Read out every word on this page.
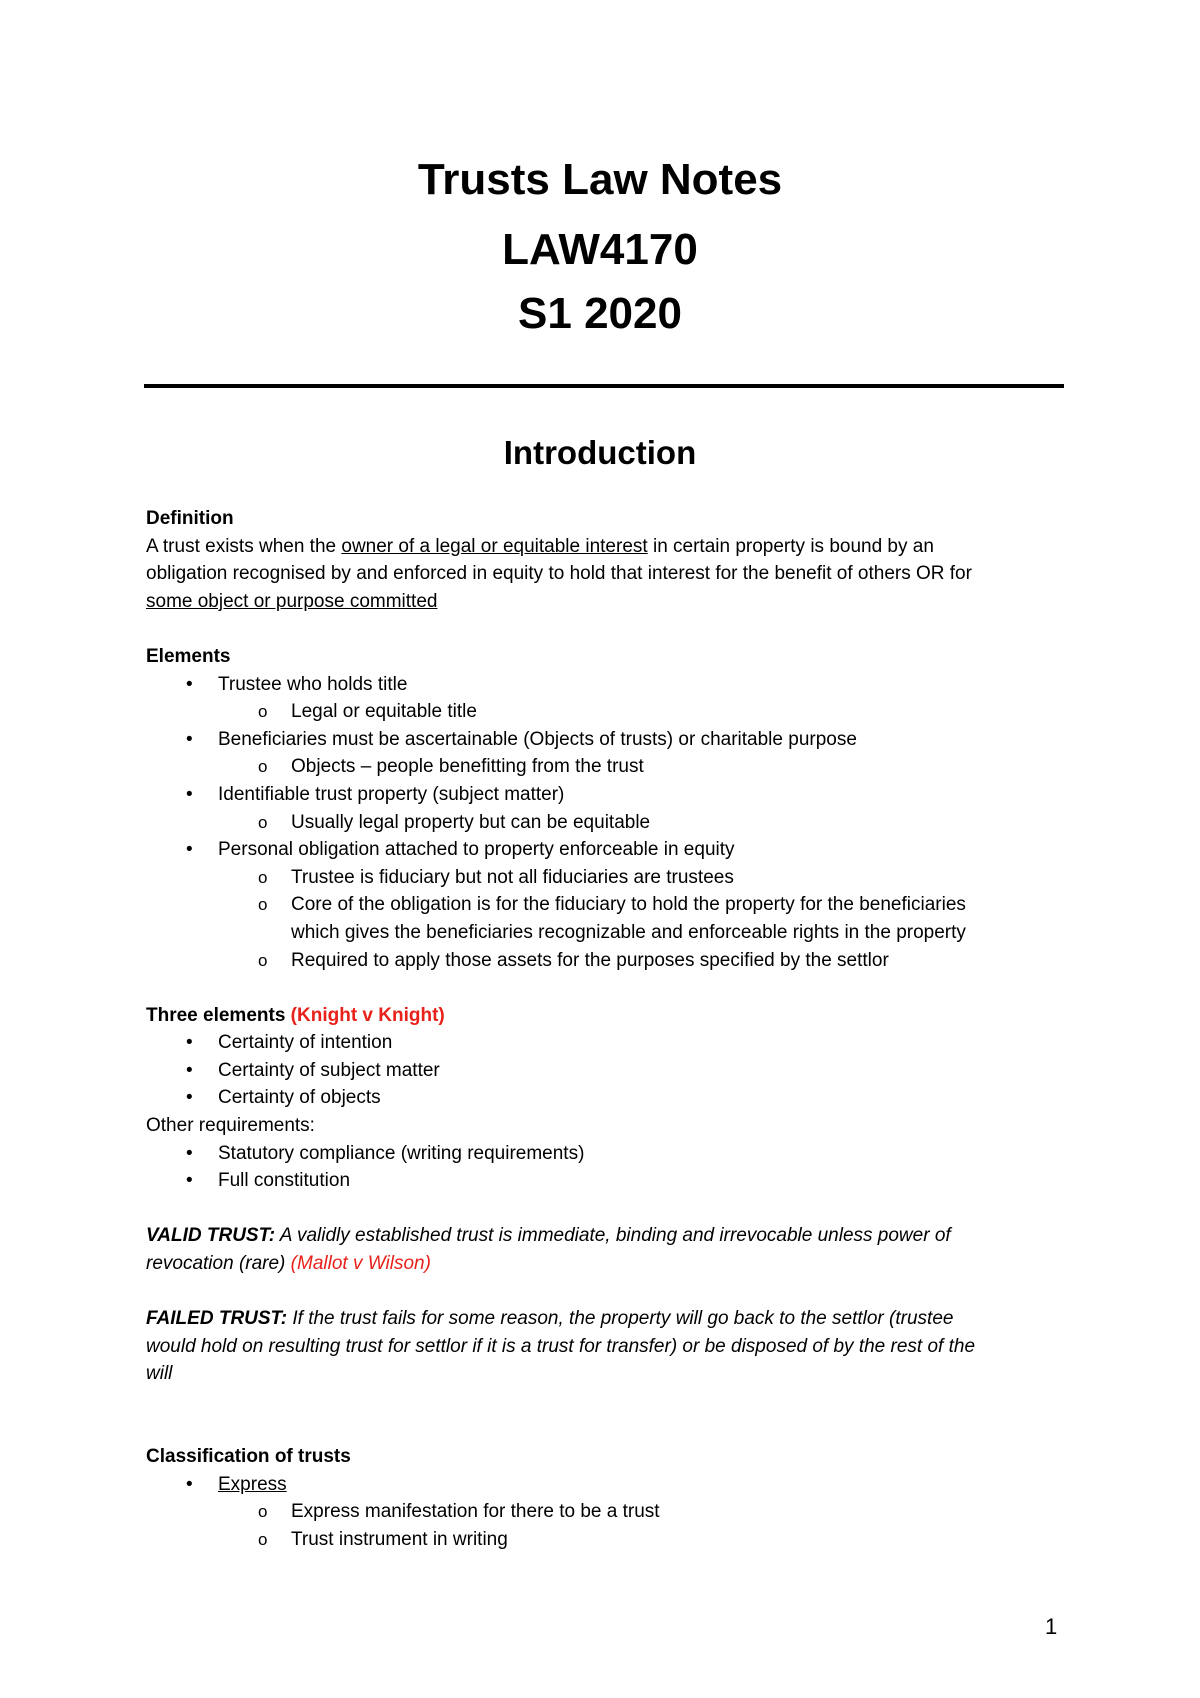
Trusts Law Notes
LAW4170
S1 2020
Introduction
Definition
A trust exists when the owner of a legal or equitable interest in certain property is bound by an
obligation recognised by and enforced in equity to hold that interest for the benefit of others OR for
some object or purpose committed
Elements
• Trustee who holds title
o Legal or equitable title
• Beneficiaries must be ascertainable (Objects of trusts) or charitable purpose
o Objects – people benefitting from the trust
• Identifiable trust property (subject matter)
o Usually legal property but can be equitable
• Personal obligation attached to property enforceable in equity
o Trustee is fiduciary but not all fiduciaries are trustees
o Core of the obligation is for the fiduciary to hold the property for the beneficiaries
which gives the beneficiaries recognizable and enforceable rights in the property
o Required to apply those assets for the purposes specified by the settlor
Three elements (Knight v Knight)
• Certainty of intention
• Certainty of subject matter
• Certainty of objects
Other requirements:
• Statutory compliance (writing requirements)
• Full constitution
VALID TRUST: A validly established trust is immediate, binding and irrevocable unless power of
revocation (rare) (Mallot v Wilson)
FAILED TRUST: If the trust fails for some reason, the property will go back to the settlor (trustee
would hold on resulting trust for settlor if it is a trust for transfer) or be disposed of by the rest of the
will
Classification of trusts
• Express
o Express manifestation for there to be a trust
o Trust instrument in writing
1
